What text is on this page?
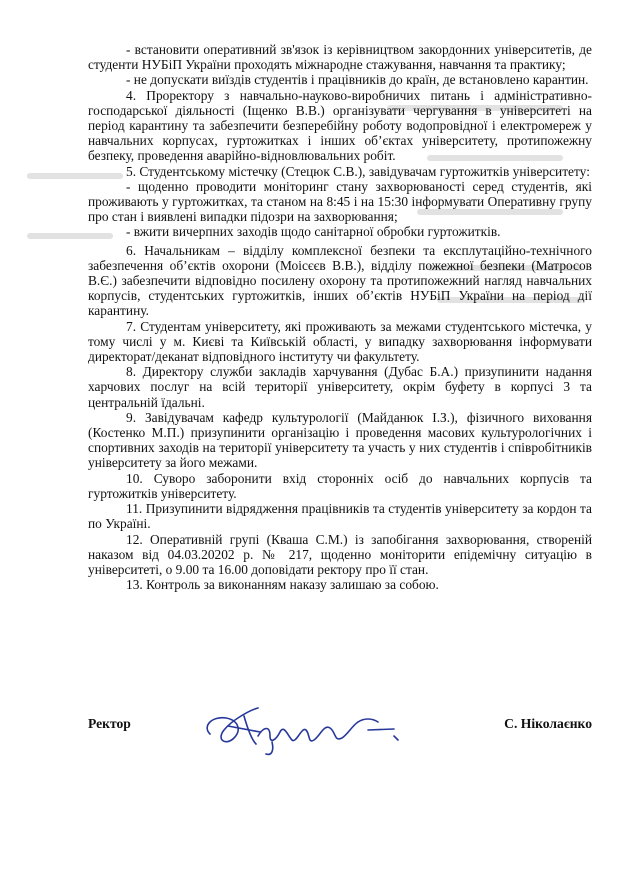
- встановити оперативний зв'язок із керівництвом закордонних університетів, де студенти НУБіП України проходять міжнародне стажування, навчання та практику;

- не допускати виїздів студентів і працівників до країн, де встановлено карантин.

4. Проректору з навчально-науково-виробничих питань і адміністративно-господарської діяльності (Іщенко В.В.) організувати чергування в університеті на період карантину та забезпечити безперебійну роботу водопровідної і електромереж у навчальних корпусах, гуртожитках і інших об’єктах університету, протипожежну безпеку, проведення аварійно-відновлювальних робіт.

5. Студентському містечку (Стецюк С.В.), завідувачам гуртожитків університету:

- щоденно проводити моніторинг стану захворюваності серед студентів, які проживають у гуртожитках, та станом на 8:45 і на 15:30 інформувати Оперативну групу про стан і виявлені випадки підозри на захворювання;

- вжити вичерпних заходів щодо санітарної обробки гуртожитків.

6. Начальникам – відділу комплексної безпеки та експлутаційно-технічного забезпечення об’єктів охорони (Моісєєв В.В.), відділу пожежної безпеки (Матросов В.Є.) забезпечити відповідно посилену охорону та протипожежний нагляд навчальних корпусів, студентських гуртожитків, інших об’єктів НУБіП України на період дії карантину.

7. Студентам університету, які проживають за межами студентського містечка, у тому числі у м. Києві та Київській області, у випадку захворювання інформувати директорат/деканат відповідного інституту чи факультету.

8. Директору служби закладів харчування (Дубас Б.А.) призупинити надання харчових послуг на всій території університету, окрім буфету в корпусі 3 та центральній їдальні.

9. Завідувачам кафедр культурології (Майданюк І.З.), фізичного виховання (Костенко М.П.) призупинити організацію і проведення масових культурологічних і спортивних заходів на території університету та участь у них студентів і співробітників університету за його межами.

10. Суворо заборонити вхід сторонніх осіб до навчальних корпусів та гуртожитків університету.

11. Призупинити відрядження працівників та студентів університету за кордон та по Україні.

12. Оперативній групі (Кваша С.М.) із запобігання захворювання, створеній наказом від 04.03.20202 р. № 217, щоденно моніторити епідемічну ситуацію в університеті, о 9.00 та 16.00 доповідати ректору про її стан.

13. Контроль за виконанням наказу залишаю за собою.

Ректор	С. Ніколаєнко
